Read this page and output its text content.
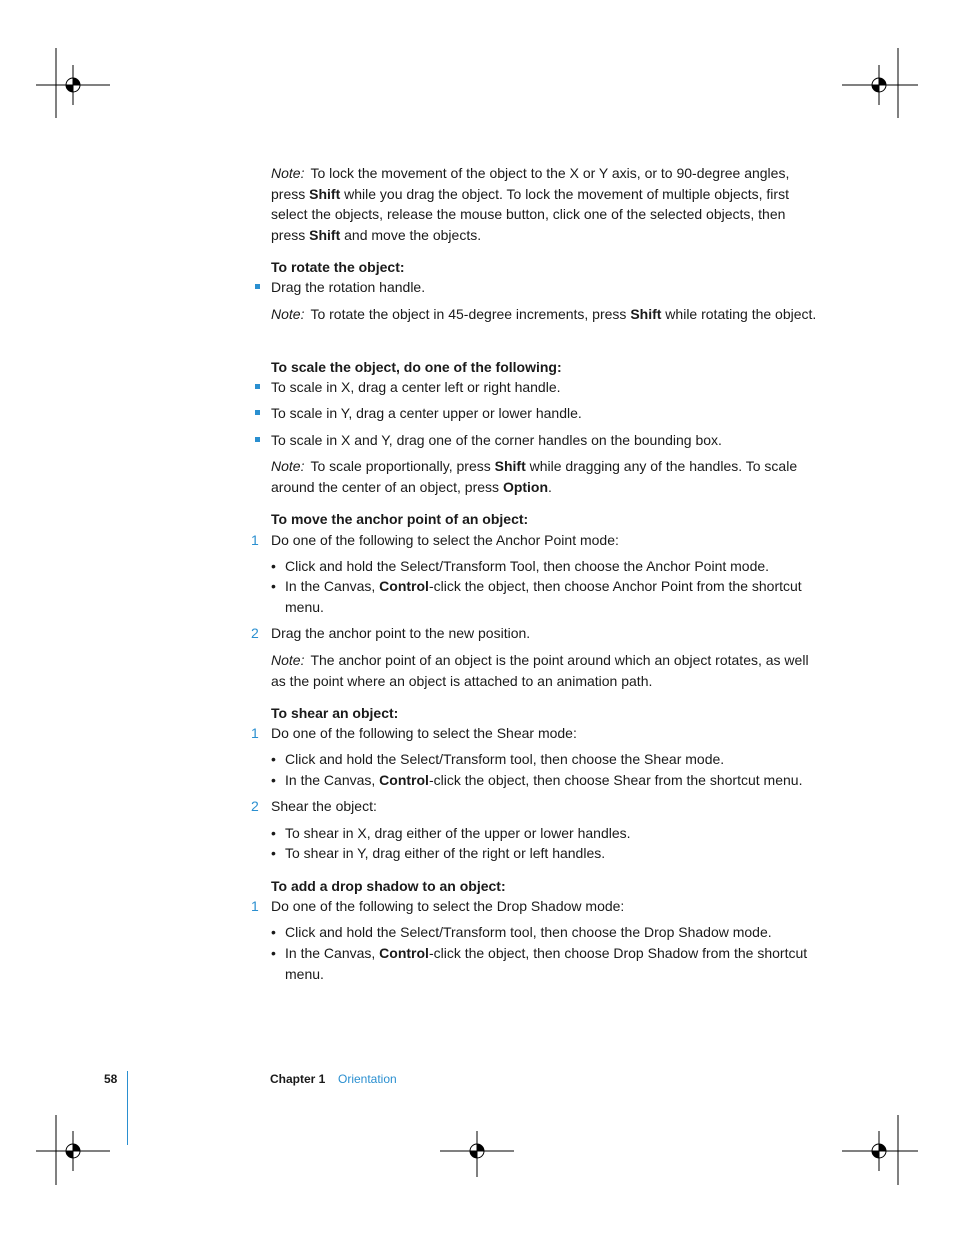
Note: To lock the movement of the object to the X or Y axis, or to 90-degree angles, press Shift while you drag the object. To lock the movement of multiple objects, first select the objects, release the mouse button, click one of the selected objects, then press Shift and move the objects.

To rotate the object:
Drag the rotation handle.

Note: To rotate the object in 45-degree increments, press Shift while rotating the object.

To scale the object, do one of the following:
To scale in X, drag a center left or right handle.
To scale in Y, drag a center upper or lower handle.
To scale in X and Y, drag one of the corner handles on the bounding box.

Note: To scale proportionally, press Shift while dragging any of the handles. To scale around the center of an object, press Option.

To move the anchor point of an object:
1 Do one of the following to select the Anchor Point mode:
• Click and hold the Select/Transform Tool, then choose the Anchor Point mode.
• In the Canvas, Control-click the object, then choose Anchor Point from the shortcut menu.
2 Drag the anchor point to the new position.

Note: The anchor point of an object is the point around which an object rotates, as well as the point where an object is attached to an animation path.

To shear an object:
1 Do one of the following to select the Shear mode:
• Click and hold the Select/Transform tool, then choose the Shear mode.
• In the Canvas, Control-click the object, then choose Shear from the shortcut menu.
2 Shear the object:
• To shear in X, drag either of the upper or lower handles.
• To shear in Y, drag either of the right or left handles.
To add a drop shadow to an object:
1 Do one of the following to select the Drop Shadow mode:
• Click and hold the Select/Transform tool, then choose the Drop Shadow mode.
• In the Canvas, Control-click the object, then choose Drop Shadow from the shortcut menu.
58	Chapter 1 Orientation
